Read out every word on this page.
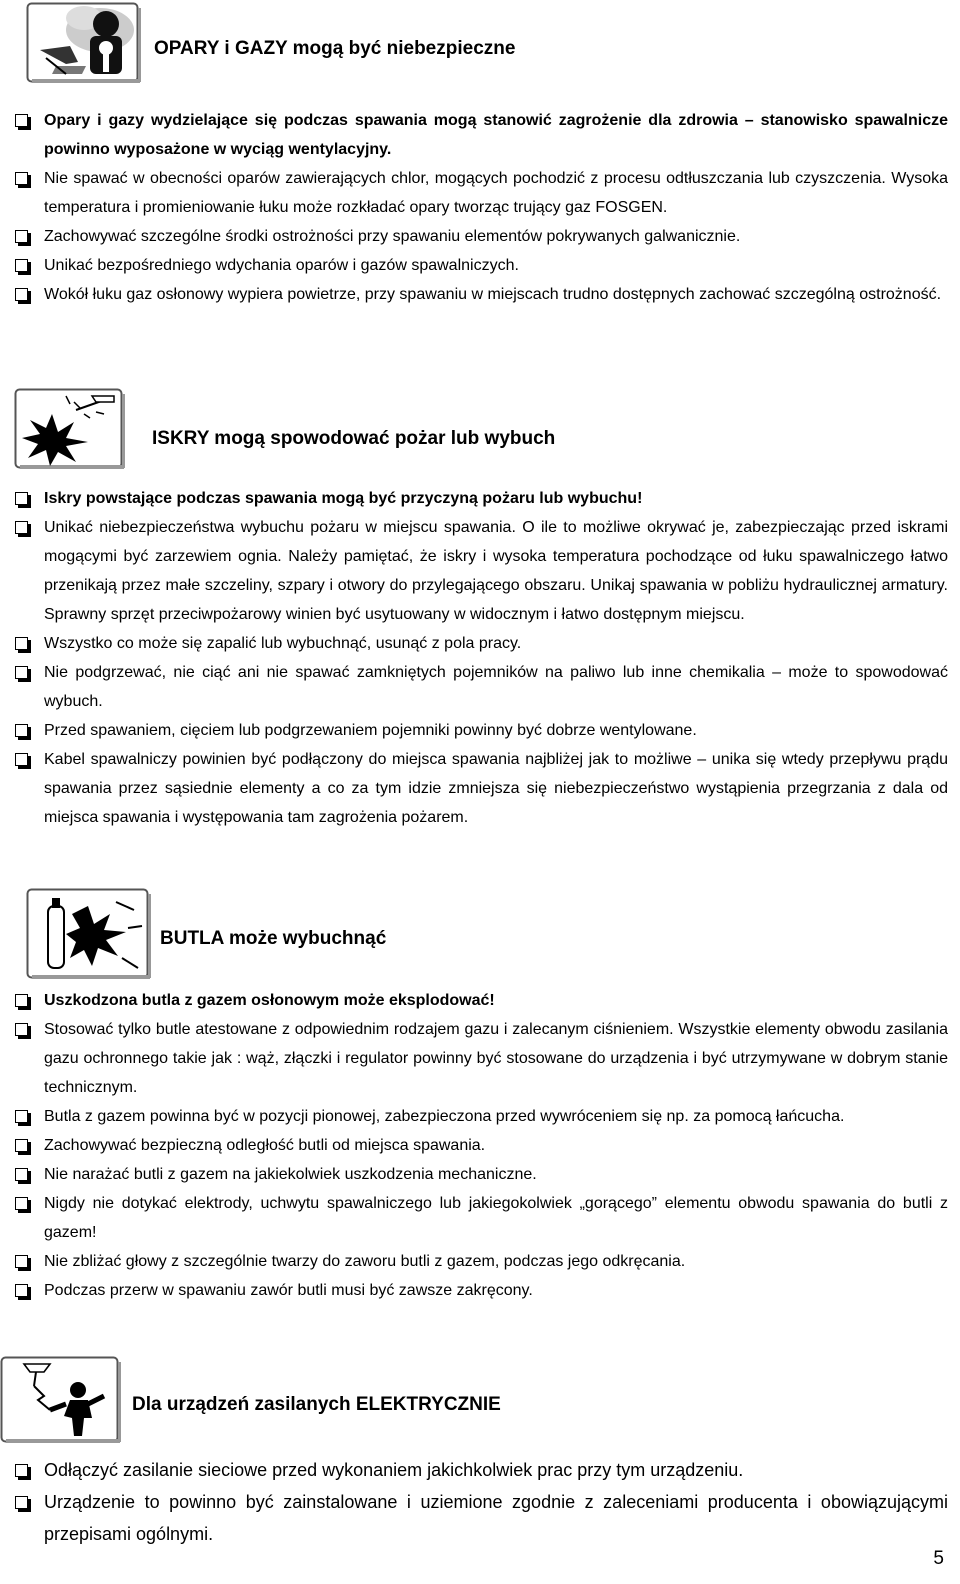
OPARY i GAZY mogą być niebezpieczne
Opary i gazy wydzielające się podczas spawania mogą stanowić zagrożenie dla zdrowia – stanowisko spawalnicze powinno wyposażone w wyciąg wentylacyjny.
Nie spawać w obecności oparów zawierających chlor, mogących pochodzić z procesu odtłuszczania lub czyszczenia. Wysoka temperatura i promieniowanie łuku może rozkładać opary tworząc trujący gaz FOSGEN.
Zachowywać szczególne środki ostrożności przy spawaniu elementów pokrywanych galwanicznie.
Unikać bezpośredniego wdychania oparów i gazów spawalniczych.
Wokół łuku gaz osłonowy wypiera powietrze, przy spawaniu w miejscach trudno dostępnych zachować szczególną ostrożność.
ISKRY mogą spowodować pożar lub wybuch
Iskry powstające podczas spawania mogą być przyczyną pożaru lub wybuchu!
Unikać niebezpieczeństwa wybuchu pożaru w miejscu spawania. O ile to możliwe okrywać je, zabezpieczając przed iskrami mogącymi być zarzewiem ognia. Należy pamiętać, że iskry i wysoka temperatura pochodzące od łuku spawalniczego łatwo przenikają przez małe szczeliny, szpary i otwory do przylegającego obszaru. Unikaj spawania w pobliżu hydraulicznej armatury. Sprawny sprzęt przeciwpożarowy winien być usytuowany w widocznym i łatwo dostępnym miejscu.
Wszystko co może się zapalić lub wybuchnąć, usunąć z pola pracy.
Nie podgrzewać, nie ciąć ani nie spawać zamkniętych pojemników na paliwo lub inne chemikalia – może to spowodować wybuch.
Przed spawaniem, cięciem lub podgrzewaniem pojemniki powinny być dobrze wentylowane.
Kabel spawalniczy powinien być podłączony do miejsca spawania najbliżej jak to możliwe – unika się wtedy przepływu prądu spawania przez sąsiednie elementy a co za tym idzie zmniejsza się niebezpieczeństwo wystąpienia przegrzania z dala od miejsca spawania i występowania tam zagrożenia pożarem.
BUTLA może wybuchnąć
Uszkodzona butla z gazem osłonowym może eksplodować!
Stosować tylko butle atestowane z odpowiednim rodzajem gazu i zalecanym ciśnieniem. Wszystkie elementy obwodu zasilania gazu ochronnego takie jak : wąż, złączki i regulator powinny być stosowane do urządzenia i być utrzymywane w dobrym stanie technicznym.
Butla z gazem powinna być w pozycji pionowej, zabezpieczona przed wywróceniem się np. za pomocą łańcucha.
Zachowywać bezpieczną odległość butli od miejsca spawania.
Nie narażać butli z gazem na jakiekolwiek uszkodzenia mechaniczne.
Nigdy nie dotykać elektrody, uchwytu spawalniczego lub jakiegokolwiek „gorącego” elementu obwodu spawania do butli z gazem!
Nie zbliżać głowy z szczególnie twarzy do zaworu butli z gazem, podczas jego odkręcania.
Podczas przerw w spawaniu zawór butli musi być zawsze zakręcony.
Dla urządzeń zasilanych ELEKTRYCZNIE
Odłączyć zasilanie sieciowe przed wykonaniem jakichkolwiek prac przy tym urządzeniu.
Urządzenie to powinno być zainstalowane i uziemione zgodnie z zaleceniami producenta i obowiązującymi przepisami ogólnymi.
5
